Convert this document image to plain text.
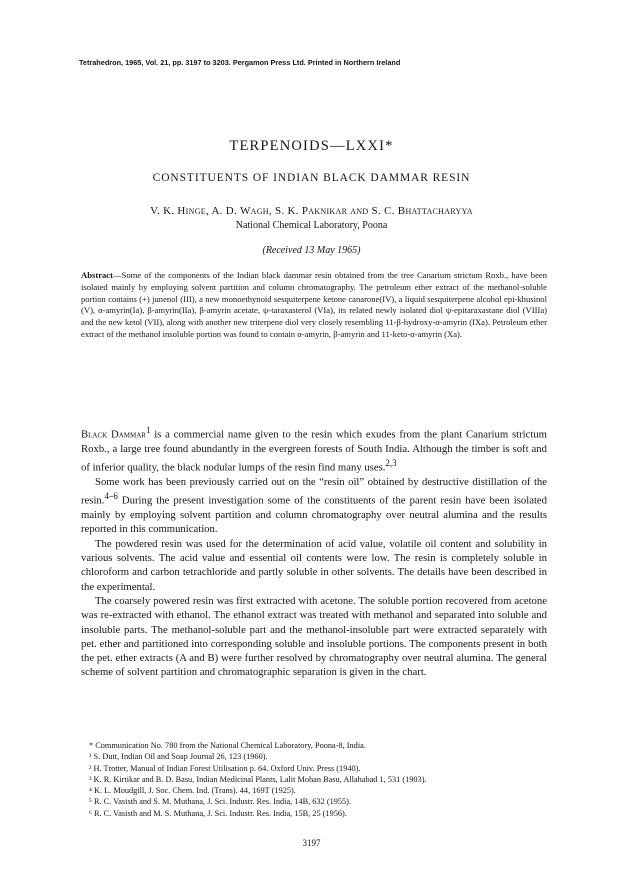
Tetrahedron, 1965, Vol. 21, pp. 3197 to 3203. Pergamon Press Ltd. Printed in Northern Ireland
TERPENOIDS—LXXI*
CONSTITUENTS OF INDIAN BLACK DAMMAR RESIN
V. K. Hinge, A. D. Wagh, S. K. Paknikar and S. C. Bhattacharyya
National Chemical Laboratory, Poona
(Received 13 May 1965)
Abstract—Some of the components of the Indian black dammar resin obtained from the tree Canarium strictum Roxb., have been isolated mainly by employing solvent partition and column chromatography. The petroleum ether extract of the methanol-soluble portion contains (+) junenol (III), a new monoethynoid sesquiterpene ketone canarone(IV), a liquid sesquiterpene alcohol epi-khusinol (V), α-amyrin(Ia), β-amyrin(IIa), β-amyrin acetate, ψ-taraxasterol (VIa), its related newly isolated diol ψ-epitaraxastane diol (VIIIa) and the new ketol (VII), along with another new triterpene diol very closely resembling 11-β-hydroxy-α-amyrin (IXa). Petroleum ether extract of the methanol insoluble portion was found to contain α-amyrin, β-amyrin and 11-keto-α-amyrin (Xa).

Black Dammar$^1$ is a commercial name given to the resin which exudes from the plant Canarium strictum Roxb., a large tree found abundantly in the evergreen forests of South India. Although the timber is soft and of inferior quality, the black nodular lumps of the resin find many uses.$^{2,3}$

Some work has been previously carried out on the “resin oil” obtained by destructive distillation of the resin.$^{4-6}$ During the present investigation some of the constituents of the parent resin have been isolated mainly by employing solvent partition and column chromatography over neutral alumina and the results reported in this communication.

The powdered resin was used for the determination of acid value, volatile oil content and solubility in various solvents. The acid value and essential oil contents were low. The resin is completely soluble in chloroform and carbon tetrachloride and partly soluble in other solvents. The details have been described in the experimental.

The coarsely powered resin was first extracted with acetone. The soluble portion recovered from acetone was re-extracted with ethanol. The ethanol extract was treated with methanol and separated into soluble and insoluble parts. The methanol-soluble part and the methanol-insoluble part were extracted separately with pet. ether and partitioned into corresponding soluble and insoluble portions. The components present in both the pet. ether extracts (A and B) were further resolved by chromatography over neutral alumina. The general scheme of solvent partition and chromatographic separation is given in the chart.

* Communication No. 780 from the National Chemical Laboratory, Poona-8, India.

¹ S. Dutt, Indian Oil and Soap Journal 26, 123 (1960).

² H. Trotter, Manual of Indian Forest Utilisation p. 64. Oxford Univ. Press (1940).

³ K. R. Kirtikar and B. D. Basu, Indian Medicinal Plants, Lalit Mohan Basu, Allahabad 1, 531 (1903).

⁴ K. L. Moudgill, J. Soc. Chem. Ind. (Trans). 44, 169T (1925).

⁵ R. C. Vasisth and S. M. Muthana, J. Sci. Industr. Res. India, 14B, 632 (1955).

⁶ R. C. Vasisth and M. S. Muthana, J. Sci. Industr. Res. India, 15B, 25 (1956).

3197
